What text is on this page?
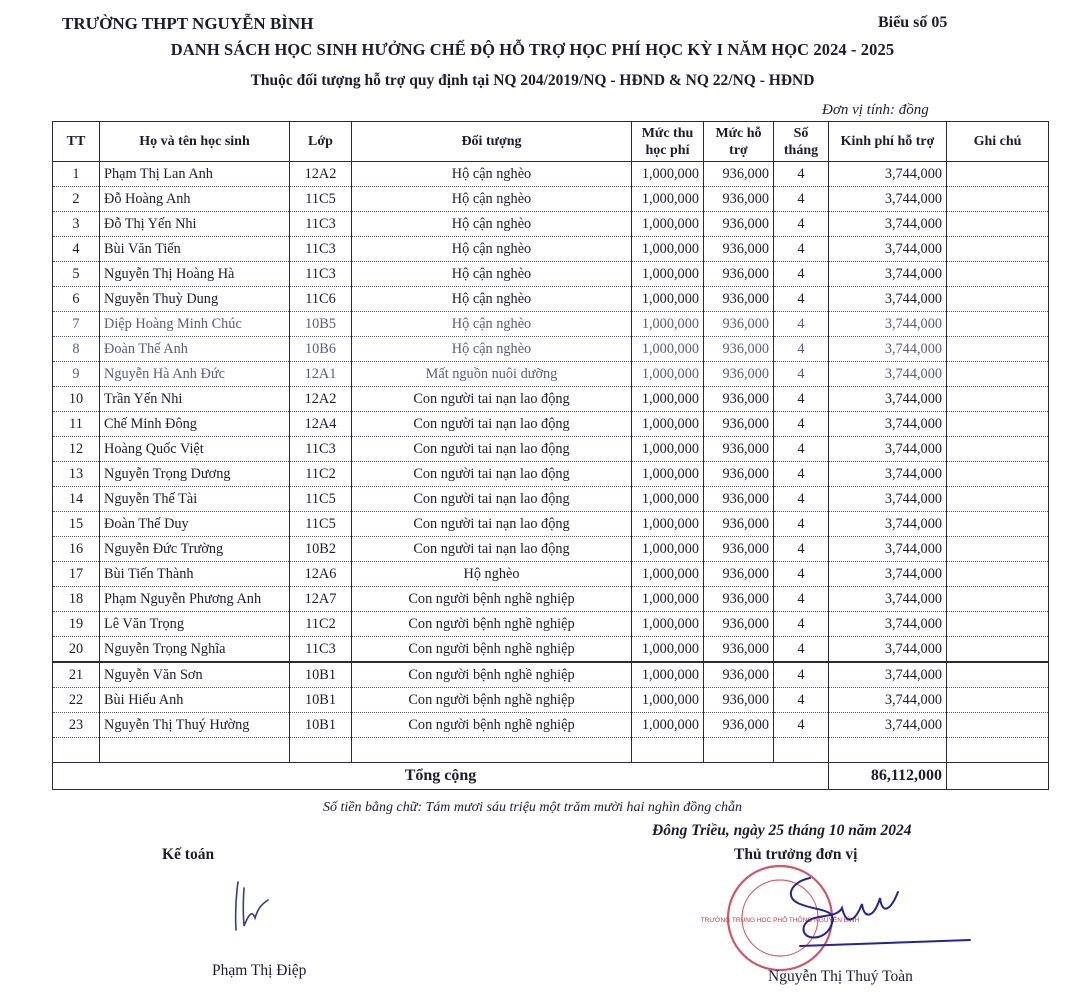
TRƯỜNG THPT NGUYỄN BÌNH	Biểu số 05
DANH SÁCH HỌC SINH HƯỞNG CHẾ ĐỘ HỖ TRỢ HỌC PHÍ HỌC KỲ I NĂM HỌC 2024 - 2025
Thuộc đối tượng hỗ trợ quy định tại NQ 204/2019/NQ - HĐND & NQ 22/NQ - HĐND
Đơn vị tính: đồng
TT	Họ và tên học sinh	Lớp	Đối tượng	Mức thu học phí	Mức hỗ trợ	Số tháng	Kinh phí hỗ trợ	Ghi chú
1	Phạm Thị Lan Anh	12A2	Hộ cận nghèo	1,000,000	936,000	4	3,744,000	
2	Đỗ Hoàng Anh	11C5	Hộ cận nghèo	1,000,000	936,000	4	3,744,000	
3	Đỗ Thị Yến Nhi	11C3	Hộ cận nghèo	1,000,000	936,000	4	3,744,000	
4	Bùi Văn Tiến	11C3	Hộ cận nghèo	1,000,000	936,000	4	3,744,000	
5	Nguyễn Thị Hoàng Hà	11C3	Hộ cận nghèo	1,000,000	936,000	4	3,744,000	
6	Nguyễn Thuỳ Dung	11C6	Hộ cận nghèo	1,000,000	936,000	4	3,744,000	
7	Diệp Hoàng Minh Chúc	10B5	Hộ cận nghèo	1,000,000	936,000	4	3,744,000	
8	Đoàn Thế Anh	10B6	Hộ cận nghèo	1,000,000	936,000	4	3,744,000	
9	Nguyễn Hà Anh Đức	12A1	Mất nguồn nuôi dưỡng	1,000,000	936,000	4	3,744,000	
10	Trần Yến Nhi	12A2	Con người tai nạn lao động	1,000,000	936,000	4	3,744,000	
11	Chế Minh Đông	12A4	Con người tai nạn lao động	1,000,000	936,000	4	3,744,000	
12	Hoàng Quốc Việt	11C3	Con người tai nạn lao động	1,000,000	936,000	4	3,744,000	
13	Nguyễn Trọng Dương	11C2	Con người tai nạn lao động	1,000,000	936,000	4	3,744,000	
14	Nguyễn Thế Tài	11C5	Con người tai nạn lao động	1,000,000	936,000	4	3,744,000	
15	Đoàn Thế Duy	11C5	Con người tai nạn lao động	1,000,000	936,000	4	3,744,000	
16	Nguyễn Đức Trường	10B2	Con người tai nạn lao động	1,000,000	936,000	4	3,744,000	
17	Bùi Tiến Thành	12A6	Hộ nghèo	1,000,000	936,000	4	3,744,000	
18	Phạm Nguyễn Phương Anh	12A7	Con người bệnh nghề nghiệp	1,000,000	936,000	4	3,744,000	
19	Lê Văn Trọng	11C2	Con người bệnh nghề nghiệp	1,000,000	936,000	4	3,744,000	
20	Nguyễn Trọng Nghĩa	11C3	Con người bệnh nghề nghiệp	1,000,000	936,000	4	3,744,000	
21	Nguyễn Văn Sơn	10B1	Con người bệnh nghề nghiệp	1,000,000	936,000	4	3,744,000	
22	Bùi Hiếu Anh	10B1	Con người bệnh nghề nghiệp	1,000,000	936,000	4	3,744,000	
23	Nguyễn Thị Thuý Hường	10B1	Con người bệnh nghề nghiệp	1,000,000	936,000	4	3,744,000	

Tổng cộng							86,112,000	
Số tiền bằng chữ: Tám mươi sáu triệu một trăm mười hai nghìn đồng chẵn
Đông Triều, ngày 25 tháng 10 năm 2024
Kế toán	Thủ trưởng đơn vị
Phạm Thị Điệp
TRƯỜNG TRUNG HỌC PHỔ THÔNG NGUYỄN BÌNH
Nguyễn Thị Thuý Toàn
